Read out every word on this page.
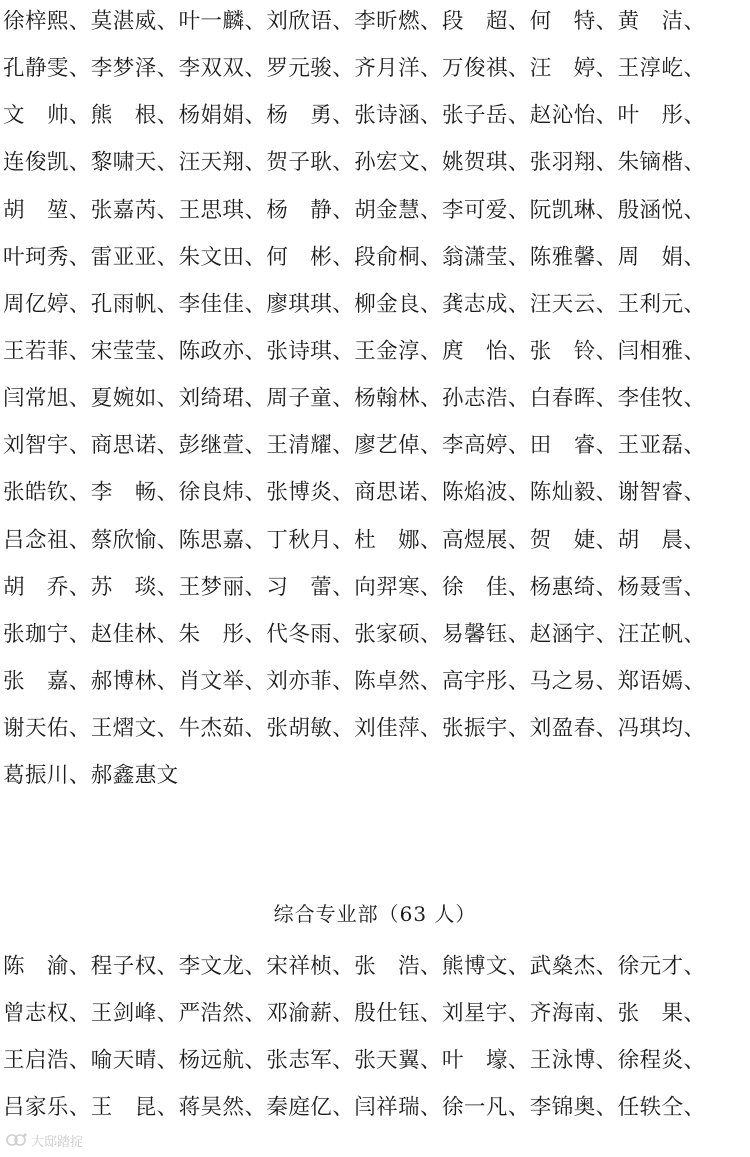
徐梓熙、莫湛威、叶一麟、刘欣语、李昕燃、段　超、何　特、黄　洁、
孔静雯、李梦泽、李双双、罗元骏、齐月洋、万俊祺、汪　婷、王淳屹、
文　帅、熊　根、杨娟娟、杨　勇、张诗涵、张子岳、赵沁怡、叶　彤、
连俊凯、黎啸天、汪天翔、贺子耿、孙宏文、姚贺琪、张羽翔、朱镝楷、
胡　堃、张嘉芮、王思琪、杨　静、胡金慧、李可爱、阮凯琳、殷涵悦、
叶珂秀、雷亚亚、朱文田、何　彬、段俞桐、翁潇莹、陈雅馨、周　娟、
周亿婷、孔雨帆、李佳佳、廖琪琪、柳金良、龚志成、汪天云、王利元、
王若菲、宋莹莹、陈政亦、张诗琪、王金淳、庹　怡、张　铃、闫相雅、
闫常旭、夏婉如、刘绮珺、周子童、杨翰林、孙志浩、白春晖、李佳牧、
刘智宇、商思诺、彭继萱、王清耀、廖艺倬、李高婷、田　睿、王亚磊、
张皓钦、李　畅、徐良炜、张博炎、商思诺、陈焰波、陈灿毅、谢智睿、
吕念祖、蔡欣愉、陈思嘉、丁秋月、杜　娜、高煜展、贺　婕、胡　晨、
胡　乔、苏　琰、王梦丽、习　蕾、向羿寒、徐　佳、杨惠绮、杨聂雪、
张珈宁、赵佳林、朱　彤、代冬雨、张家硕、易馨钰、赵涵宇、汪芷帆、
张　嘉、郝博林、肖文举、刘亦菲、陈卓然、高宇彤、马之易、郑语嫣、
谢天佑、王熠文、牛杰茹、张胡敏、刘佳萍、张振宇、刘盈春、冯琪均、
葛振川、郝鑫惠文
综合专业部（63 人）
陈　渝、程子权、李文龙、宋祥桢、张　浩、熊博文、武燊杰、徐元才、
曾志权、王剑峰、严浩然、邓渝薪、殷仕钰、刘星宇、齐海南、张　果、
王启浩、喻天晴、杨远航、张志军、张天翼、叶　壕、王泳博、徐程炎、
吕家乐、王　昆、蒋昊然、秦庭亿、闫祥瑞、徐一凡、李锦奥、任轶仝、
大邸踏掟
